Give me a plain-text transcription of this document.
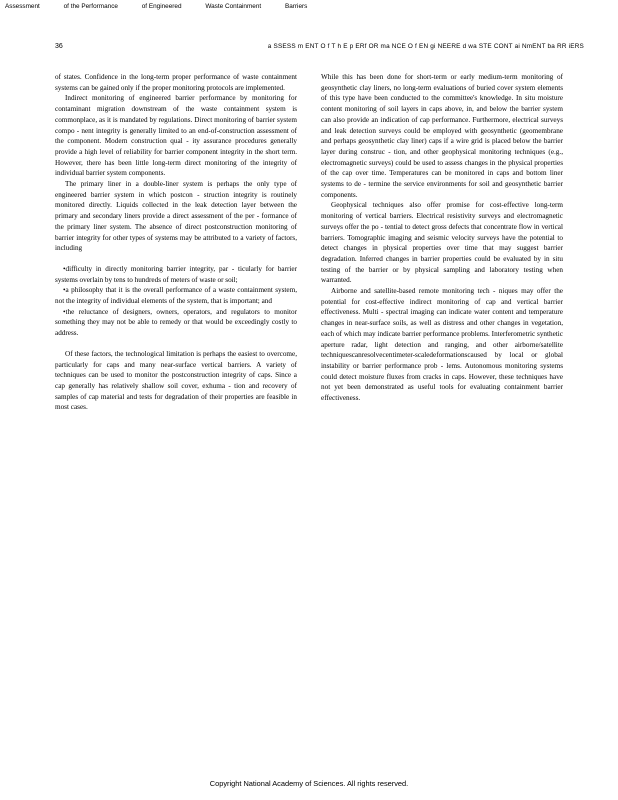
Assessment	of the Performance	of Engineered	Waste Containment	Barriers
36	a SSESS m ENT O f T h E p ERf OR ma NCE O f EN gi NEERE d wa STE CONT ai NmENT ba RR iERS

of states. Confidence in the long-term proper performance of waste containment systems can be gained only if the proper monitoring protocols are implemented.

Indirect monitoring of engineered barrier performance by monitoring for contaminant migration downstream of the waste containment system is commonplace, as it is mandated by regulations. Direct monitoring of barrier system compo - nent integrity is generally limited to an end-of-construction assessment of the component. Modern construction qual - ity assurance procedures generally provide a high level of reliability for barrier component integrity in the short term. However, there has been little long-term direct monitoring of the integrity of individual barrier system components.

The primary liner in a double-liner system is perhaps the only type of engineered barrier system in which postcon - struction integrity is routinely monitored directly. Liquids collected in the leak detection layer between the primary and secondary liners provide a direct assessment of the per - formance of the primary liner system. The absence of direct postconstruction monitoring of barrier integrity for other types of systems may be attributed to a variety of factors, including

• difficulty in directly monitoring barrier integrity, par - ticularly for barrier systems overlain by tens to hundreds of meters of waste or soil;
• a philosophy that it is the overall performance of a waste containment system, not the integrity of individual elements of the system, that is important; and
• the reluctance of designers, owners, operators, and regulators to monitor something they may not be able to remedy or that would be exceedingly costly to address.

Of these factors, the technological limitation is perhaps the easiest to overcome, particularly for caps and many near-surface vertical barriers. A variety of techniques can be used to monitor the postconstruction integrity of caps. Since a cap generally has relatively shallow soil cover, exhuma - tion and recovery of samples of cap material and tests for degradation of their properties are feasible in most cases.

While this has been done for short-term or early medium-term monitoring of geosynthetic clay liners, no long-term evaluations of buried cover system elements of this type have been conducted to the committee's knowledge. In situ moisture content monitoring of soil layers in caps above, in, and below the barrier system can also provide an indication of cap performance. Furthermore, electrical surveys and leak detection surveys could be employed with geosynthetic (geomembrane and perhaps geosynthetic clay liner) caps if a wire grid is placed below the barrier layer during construc - tion, and other geophysical monitoring techniques (e.g., electromagnetic surveys) could be used to assess changes in the physical properties of the cap over time. Temperatures can be monitored in caps and bottom liner systems to de - termine the service environments for soil and geosynthetic barrier components.

Geophysical techniques also offer promise for cost-effective long-term monitoring of vertical barriers. Electrical resistivity surveys and electromagnetic surveys offer the po - tential to detect gross defects that concentrate flow in vertical barriers. Tomographic imaging and seismic velocity surveys have the potential to detect changes in physical properties over time that may suggest barrier degradation. Inferred changes in barrier properties could be evaluated by in situ testing of the barrier or by physical sampling and laboratory testing when warranted.

Airborne and satellite-based remote monitoring tech - niques may offer the potential for cost-effective indirect monitoring of cap and vertical barrier effectiveness. Multi - spectral imaging can indicate water content and temperature changes in near-surface soils, as well as distress and other changes in vegetation, each of which may indicate barrier performance problems. Interferometric synthetic aperture radar, light detection and ranging, and other airborne/satellite techniquescanresolvecentimeter-scaledeformationscaused by local or global instability or barrier performance prob - lems. Autonomous monitoring systems could detect moisture fluxes from cracks in caps. However, these techniques have not yet been demonstrated as useful tools for evaluating containment barrier effectiveness.

Copyright National Academy of Sciences. All rights reserved.
